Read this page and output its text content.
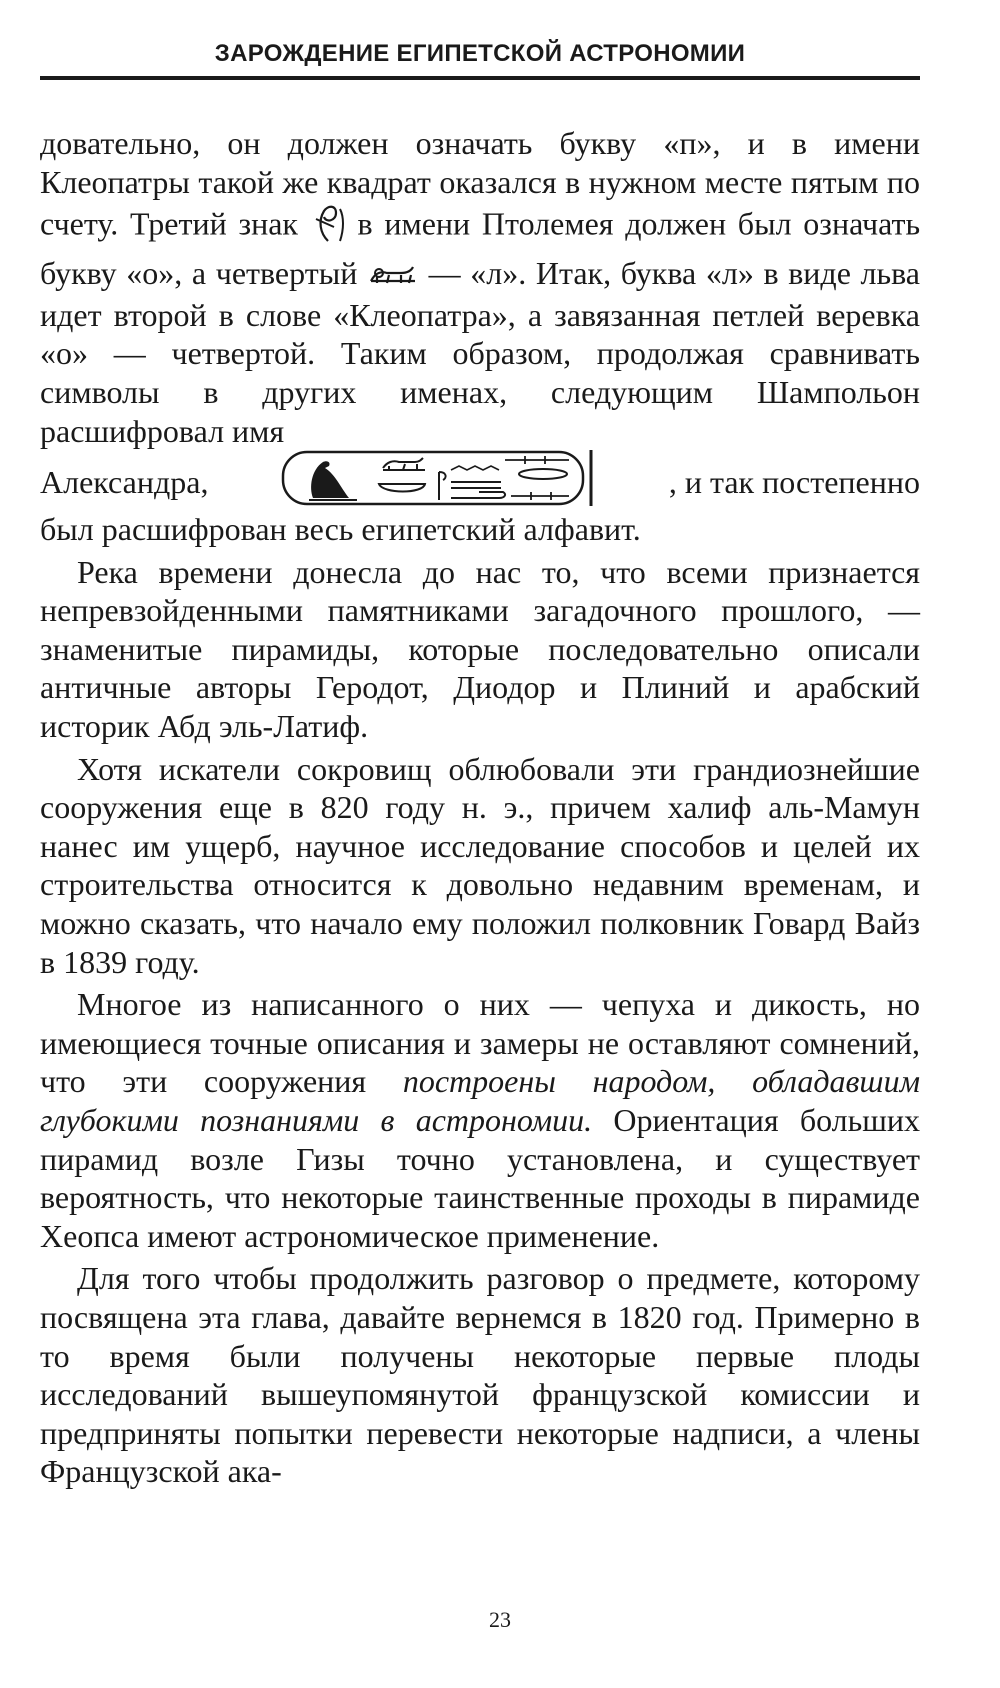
ЗАРОЖДЕНИЕ ЕГИПЕТСКОЙ АСТРОНОМИИ

довательно, он должен означать букву «п», и в имени Клеопатры такой же квадрат оказался в нужном месте пятым по счету. Третий знак в имени Птолемея должен был означать букву «о», а четвертый — «л». Итак, буква «л» в виде льва идет второй в слове «Клеопатра», а завязанная петлей веревка «о» — четвертой. Таким образом, продолжая сравнивать символы в других именах, следующим Шампольон расшифровал имя

Александра,	, и так постепенно

был расшифрован весь египетский алфавит.

Река времени донесла до нас то, что всеми признается непревзойденными памятниками загадочного прошлого, — знаменитые пирамиды, которые последовательно описали античные авторы Геродот, Диодор и Плиний и арабский историк Абд эль-Латиф.

Хотя искатели сокровищ облюбовали эти грандиознейшие сооружения еще в 820 году н. э., причем халиф аль-Мамун нанес им ущерб, научное исследование способов и целей их строительства относится к довольно недавним временам, и можно сказать, что начало ему положил полковник Говард Вайз в 1839 году.

Многое из написанного о них — чепуха и дикость, но имеющиеся точные описания и замеры не оставляют сомнений, что эти сооружения построены народом, обладавшим глубокими познаниями в астрономии. Ориентация больших пирамид возле Гизы точно установлена, и существует вероятность, что некоторые таинственные проходы в пирамиде Хеопса имеют астрономическое применение.

Для того чтобы продолжить разговор о предмете, которому посвящена эта глава, давайте вернемся в 1820 год. Примерно в то время были получены некоторые первые плоды исследований вышеупомянутой французской комиссии и предприняты попытки перевести некоторые надписи, а члены Французской ака-

23
